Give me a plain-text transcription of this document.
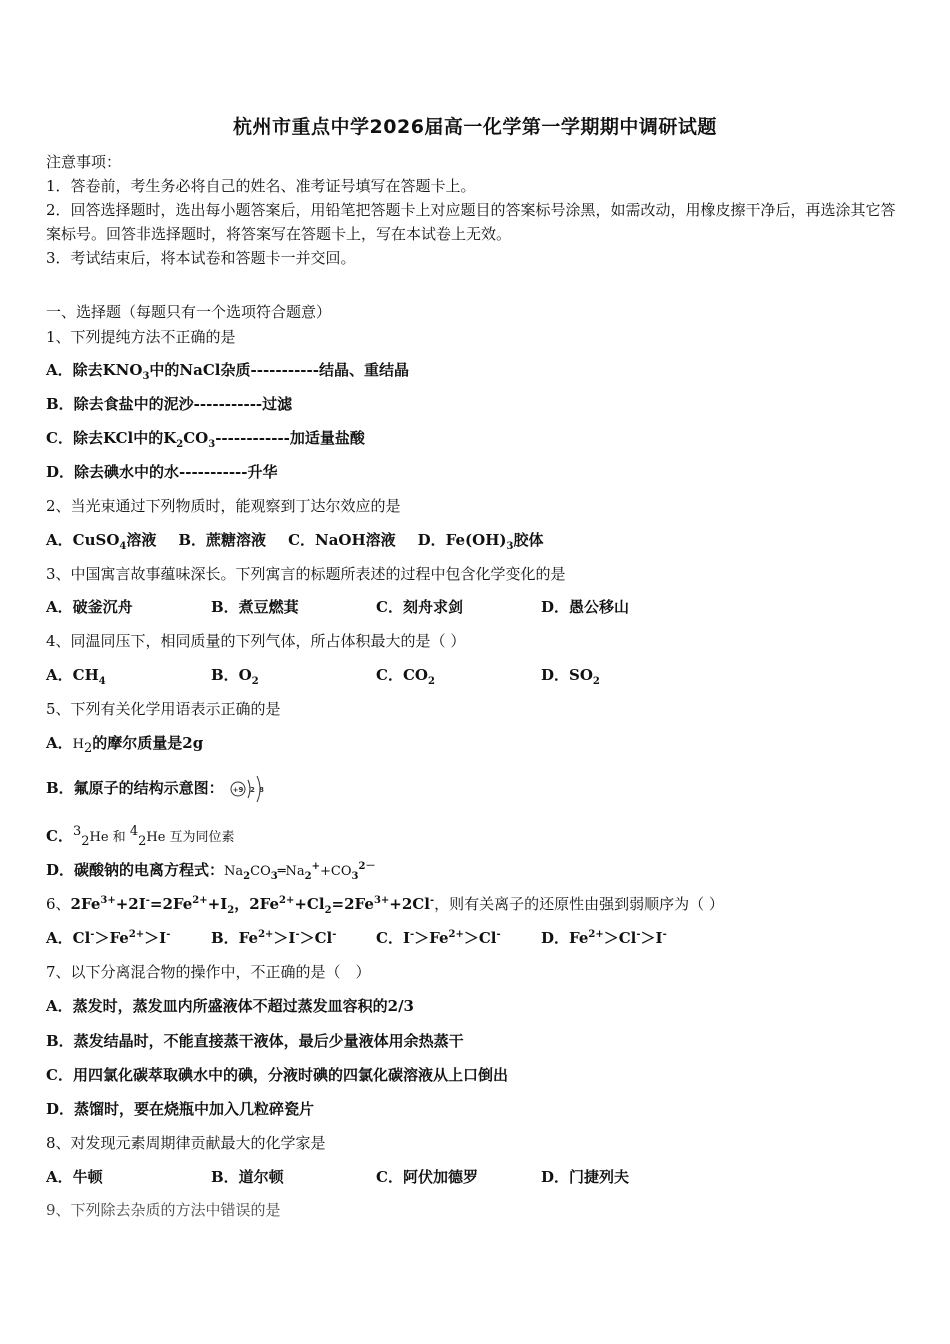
杭州市重点中学2026届高一化学第一学期期中调研试题
注意事项：
1．答卷前，考生务必将自己的姓名、准考证号填写在答题卡上。
2．回答选择题时，选出每小题答案后，用铅笔把答题卡上对应题目的答案标号涂黑，如需改动，用橡皮擦干净后，再选涂其它答案标号。回答非选择题时，将答案写在答题卡上，写在本试卷上无效。
3．考试结束后，将本试卷和答题卡一并交回。
一、选择题（每题只有一个选项符合题意）
1、下列提纯方法不正确的是
A．除去$KNO_3$中的NaCl杂质-----------结晶、重结晶
B．除去食盐中的泥沙-----------过滤
C．除去KCl中的$K_2CO_3------------$加适量盐酸
D．除去碘水中的水-----------升华
2、当光束通过下列物质时，能观察到丁达尔效应的是
A．CuSO$_4$溶液 B．蔗糖溶液 C．NaOH溶液 D．$Fe(OH)_3$胶体
3、中国寓言故事蕴味深长。下列寓言的标题所表述的过程中包含化学变化的是
A．破釜沉舟	B．煮豆燃萁	C．刻舟求剑	D．愚公移山
4、同温同压下，相同质量的下列气体，所占体积最大的是（ ）
A．$CH_4$	B．$O_2$	C．$CO_2$	D．$SO_2$
5、下列有关化学用语表示正确的是
A．$H_2$的摩尔质量是2g
B．氟原子的结构示意图： +9 2 8
C．$^3_2$He 和 $^4_2$He 互为同位素
D．碳酸钠的电离方程式：$Na_2CO_3═Na_2^++CO_3^{2-}$
6、$2Fe^{3+}+2I^-=2Fe^{2+}+I_2$，$2Fe^{2+}+Cl_2=2Fe^{3+}+2Cl^-$，则有关离子的还原性由强到弱顺序为（ ）
A．$Cl^->Fe^{2+}>I^-$	B．$Fe^{2+}>I^->Cl^-$	C．$I^->Fe^{2+}>Cl^-$	D．$Fe^{2+}>Cl^->I^-$
7、以下分离混合物的操作中，不正确的是（　）
A．蒸发时，蒸发皿内所盛液体不超过蒸发皿容积的2/3
B．蒸发结晶时，不能直接蒸干液体，最后少量液体用余热蒸干
C．用四氯化碳萃取碘水中的碘，分液时碘的四氯化碳溶液从上口倒出
D．蒸馏时，要在烧瓶中加入几粒碎瓷片
8、对发现元素周期律贡献最大的化学家是
A．牛顿	B．道尔顿	C．阿伏加德罗	D．门捷列夫
9、下列除去杂质的方法中错误的是
